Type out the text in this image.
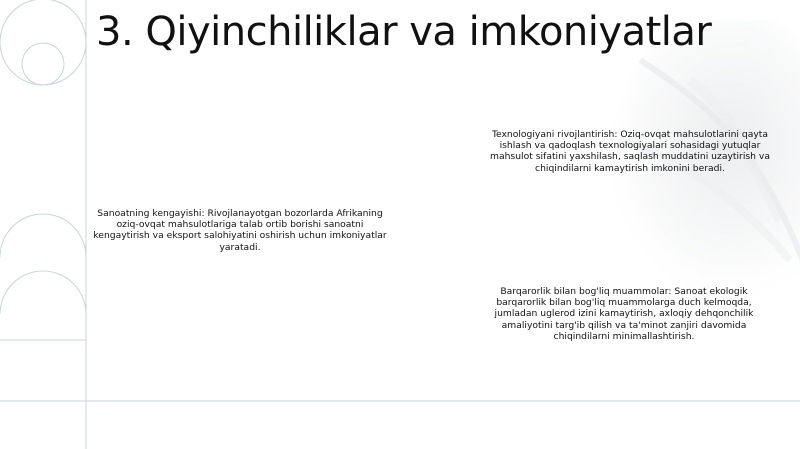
3. Qiyinchiliklar va imkoniyatlar

Texnologiyani rivojlantirish: Oziq-ovqat mahsulotlarini qayta ishlash va qadoqlash texnologiyalari sohasidagi yutuqlar mahsulot sifatini yaxshilash, saqlash muddatini uzaytirish va chiqindilarni kamaytirish imkonini beradi.

Sanoatning kengayishi: Rivojlanayotgan bozorlarda Afrikaning oziq-ovqat mahsulotlariga talab ortib borishi sanoatni kengaytirish va eksport salohiyatini oshirish uchun imkoniyatlar yaratadi.

Barqarorlik bilan bog'liq muammolar: Sanoat ekologik barqarorlik bilan bog'liq muammolarga duch kelmoqda, jumladan uglerod izini kamaytirish, axloqiy dehqonchilik amaliyotini targ'ib qilish va ta'minot zanjiri davomida chiqindilarni minimallashtirish.
